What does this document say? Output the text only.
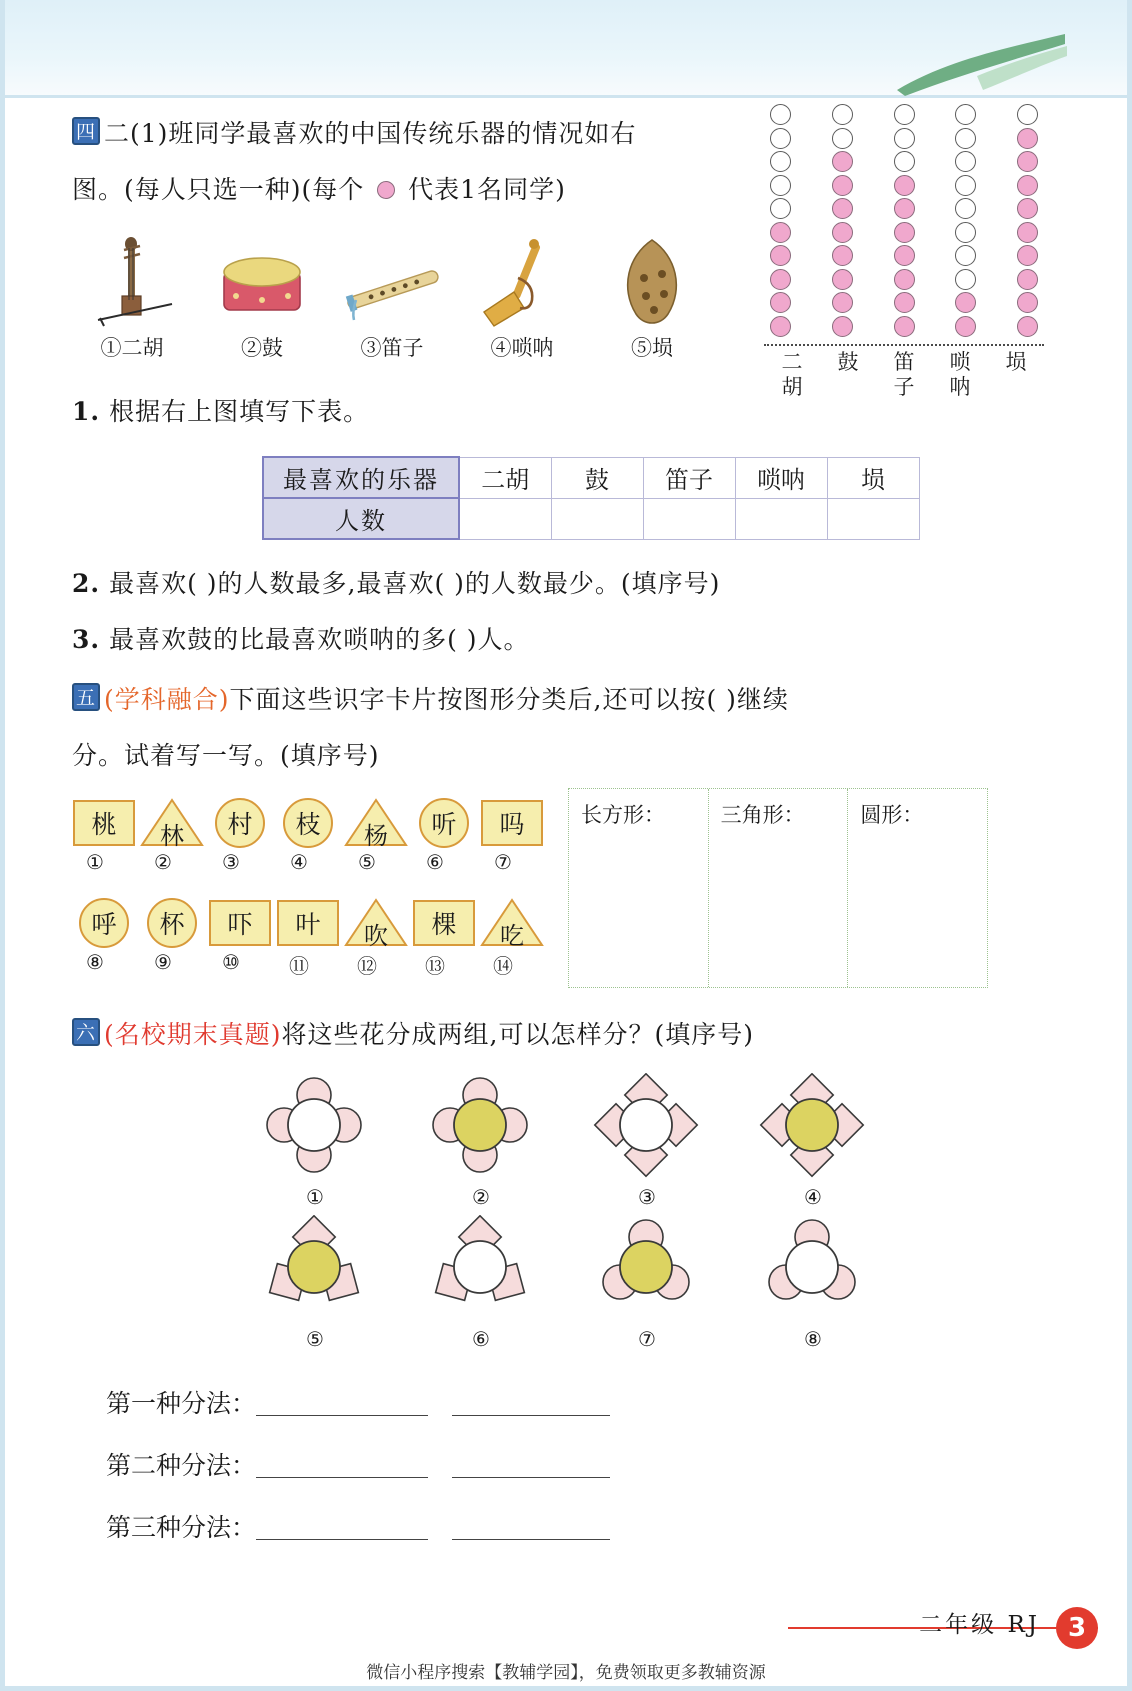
二
胡
鼓	笛
子
唢
呐
埙
四 二(1)班同学最喜欢的中国传统乐器的情况如右
图。(每人只选一种)(每个 代表1名同学)
①二胡	②鼓	③笛子	④唢呐	⑤埙
1. 根据右上图填写下表。
最喜欢的乐器	二胡	鼓	笛子	唢呐	埙
人数					
2. 最喜欢( )的人数最多,最喜欢( )的人数最少。(填序号)
3. 最喜欢鼓的比最喜欢唢呐的多( )人。
五 (学科融合)下面这些识字卡片按图形分类后,还可以按( )继续
分。试着写一写。(填序号)
长方形：	三角形：	圆形：
桃
①
林
②
村
③
枝
④
杨
⑤
听
⑥
吗
⑦
呼
⑧
杯
⑨
吓
⑩
叶
⑪
吹
⑫
棵
⑬
吃
⑭
六 (名校期末真题)将这些花分成两组,可以怎样分？(填序号)
①	②	③	④
⑤	⑥	⑦	⑧
第一种分法：
第二种分法：
第三种分法：
二年级 RJ	3
微信小程序搜索【教辅学园】，免费领取更多教辅资源
